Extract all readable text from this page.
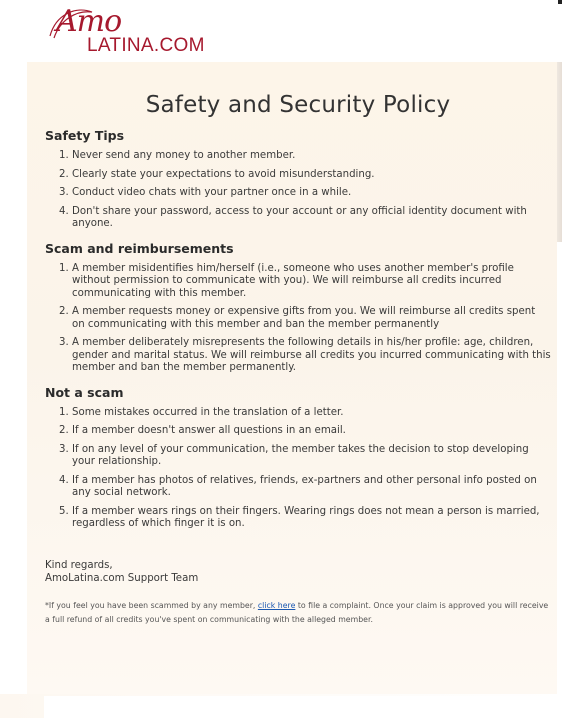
Amo
LATINA.COM
Safety and Security Policy
Safety Tips
1. Never send any money to another member.
2. Clearly state your expectations to avoid misunderstanding.
3. Conduct video chats with your partner once in a while.
4. Don't share your password, access to your account or any official identity document with anyone.
Scam and reimbursements
1. A member misidentifies him/herself (i.e., someone who uses another member's profile without permission to communicate with you). We will reimburse all credits incurred communicating with this member.
2. A member requests money or expensive gifts from you. We will reimburse all credits spent on communicating with this member and ban the member permanently
3. A member deliberately misrepresents the following details in his/her profile: age, children, gender and marital status. We will reimburse all credits you incurred communicating with this member and ban the member permanently.
Not a scam
1. Some mistakes occurred in the translation of a letter.
2. If a member doesn't answer all questions in an email.
3. If on any level of your communication, the member takes the decision to stop developing your relationship.
4. If a member has photos of relatives, friends, ex-partners and other personal info posted on any social network.
5. If a member wears rings on their fingers. Wearing rings does not mean a person is married, regardless of which finger it is on.
Kind regards,
AmoLatina.com Support Team
*If you feel you have been scammed by any member, click here to file a complaint. Once your claim is approved you will receive a full refund of all credits you've spent on communicating with the alleged member.
